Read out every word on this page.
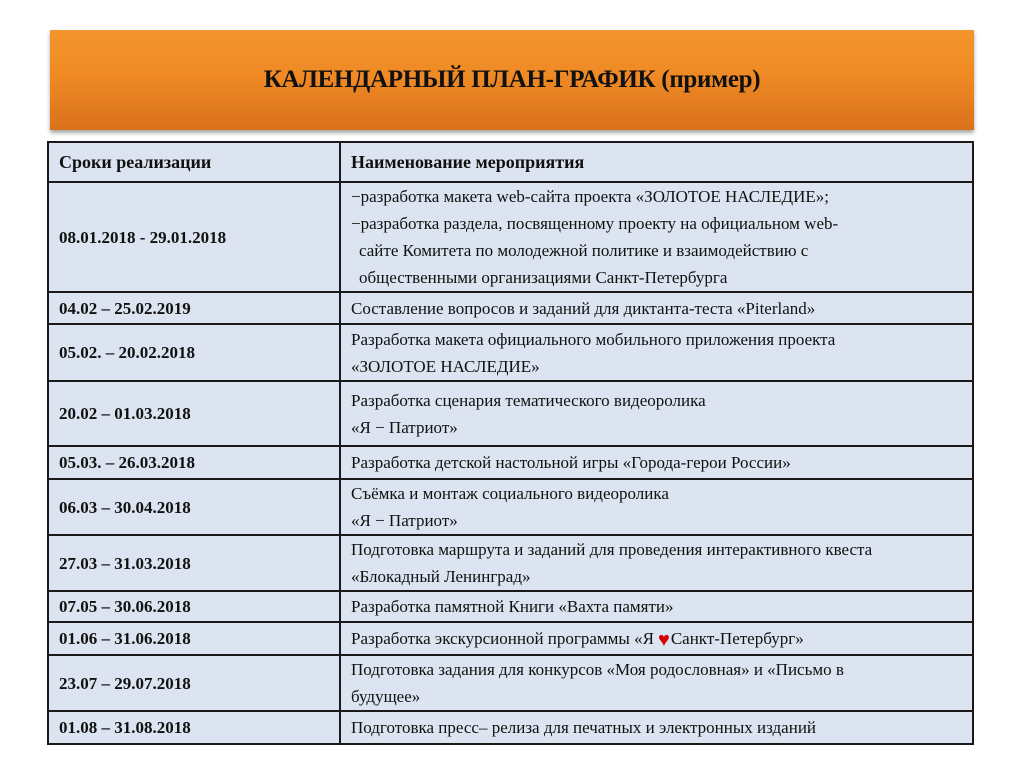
КАЛЕНДАРНЫЙ ПЛАН-ГРАФИК (пример)
Сроки реализации	Наименование мероприятия
08.01.2018 - 29.01.2018	−разработка макета web-сайта проекта «ЗОЛОТОЕ НАСЛЕДИЕ»;
−разработка раздела, посвященному проекту на официальном web-
сайте Комитета по молодежной политике и взаимодействию с
общественными организациями Санкт-Петербурга

04.02 – 25.02.2019	Составление вопросов и заданий для диктанта-теста «Piterland»
05.02. – 20.02.2018	Разработка макета официального мобильного приложения проекта
«ЗОЛОТОЕ НАСЛЕДИЕ»

20.02 – 01.03.2018	Разработка сценария тематического видеоролика
«Я − Патриот»

05.03. – 26.03.2018	Разработка детской настольной игры «Города-герои России»
06.03 – 30.04.2018	Съёмка и монтаж социального видеоролика
«Я − Патриот»

27.03 – 31.03.2018	Подготовка маршрута и заданий для проведения интерактивного квеста
«Блокадный Ленинград»

07.05 – 30.06.2018	Разработка памятной Книги «Вахта памяти»
01.06 – 31.06.2018	Разработка экскурсионной программы «Я ♥Санкт-Петербург»
23.07 – 29.07.2018	Подготовка задания для конкурсов «Моя родословная» и «Письмо в
будущее»

01.08 – 31.08.2018	Подготовка пресс– релиза для печатных и электронных изданий
